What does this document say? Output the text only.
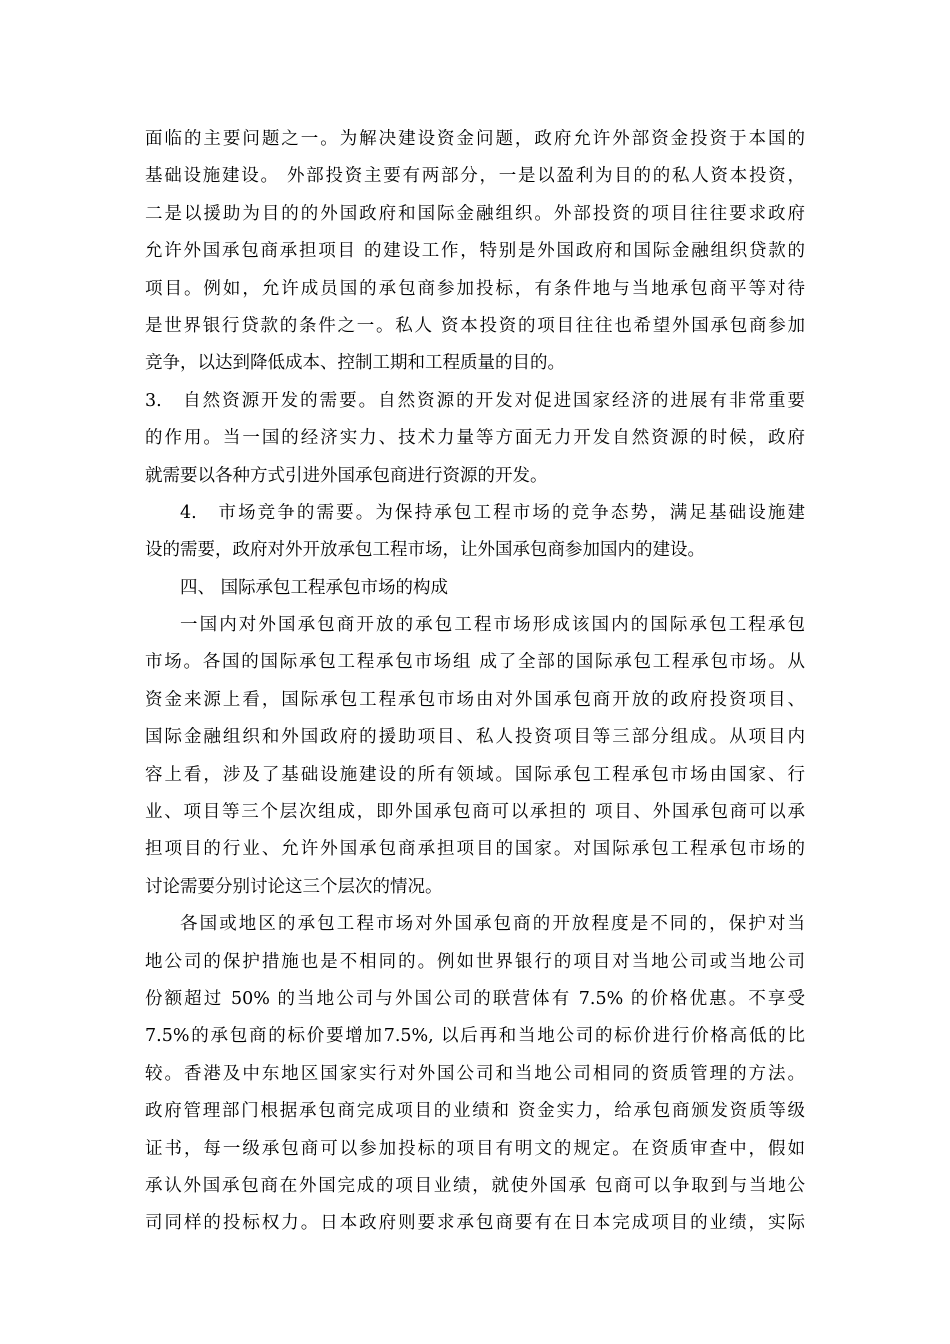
面临的主要问题之一。为解决建设资金问题，政府允许外部资金投资于本国的
基础设施建设。 外部投资主要有两部分，一是以盈利为目的的私人资本投资，
二是以援助为目的的外国政府和国际金融组织。外部投资的项目往往要求政府
允许外国承包商承担项目 的建设工作，特别是外国政府和国际金融组织贷款的
项目。例如，允许成员国的承包商参加投标，有条件地与当地承包商平等对待
是世界银行贷款的条件之一。私人 资本投资的项目往往也希望外国承包商参加
竞争，以达到降低成本、控制工期和工程质量的目的。
3.　自然资源开发的需要。自然资源的开发对促进国家经济的进展有非常重要
的作用。当一国的经济实力、技术力量等方面无力开发自然资源的时候，政府
就需要以各种方式引进外国承包商进行资源的开发。
4.　市场竞争的需要。为保持承包工程市场的竞争态势，满足基础设施建
设的需要，政府对外开放承包工程市场，让外国承包商参加国内的建设。
四、 国际承包工程承包市场的构成
一国内对外国承包商开放的承包工程市场形成该国内的国际承包工程承包
市场。各国的国际承包工程承包市场组 成了全部的国际承包工程承包市场。从
资金来源上看，国际承包工程承包市场由对外国承包商开放的政府投资项目、
国际金融组织和外国政府的援助项目、私人投资项目等三部分组成。从项目内
容上看，涉及了基础设施建设的所有领域。国际承包工程承包市场由国家、行
业、项目等三个层次组成，即外国承包商可以承担的 项目、外国承包商可以承
担项目的行业、允许外国承包商承担项目的国家。对国际承包工程承包市场的
讨论需要分别讨论这三个层次的情况。
各国或地区的承包工程市场对外国承包商的开放程度是不同的，保护对当
地公司的保护措施也是不相同的。例如世界银行的项目对当地公司或当地公司
份额超过 50% 的当地公司与外国公司的联营体有 7.5% 的价格优惠。不享受
7.5%的承包商的标价要增加7.5%, 以后再和当地公司的标价进行价格高低的比
较。香港及中东地区国家实行对外国公司和当地公司相同的资质管理的方法。
政府管理部门根据承包商完成项目的业绩和 资金实力，给承包商颁发资质等级
证书，每一级承包商可以参加投标的项目有明文的规定。在资质审查中，假如
承认外国承包商在外国完成的项目业绩，就使外国承 包商可以争取到与当地公
司同样的投标权力。日本政府则要求承包商要有在日本完成项目的业绩，实际
